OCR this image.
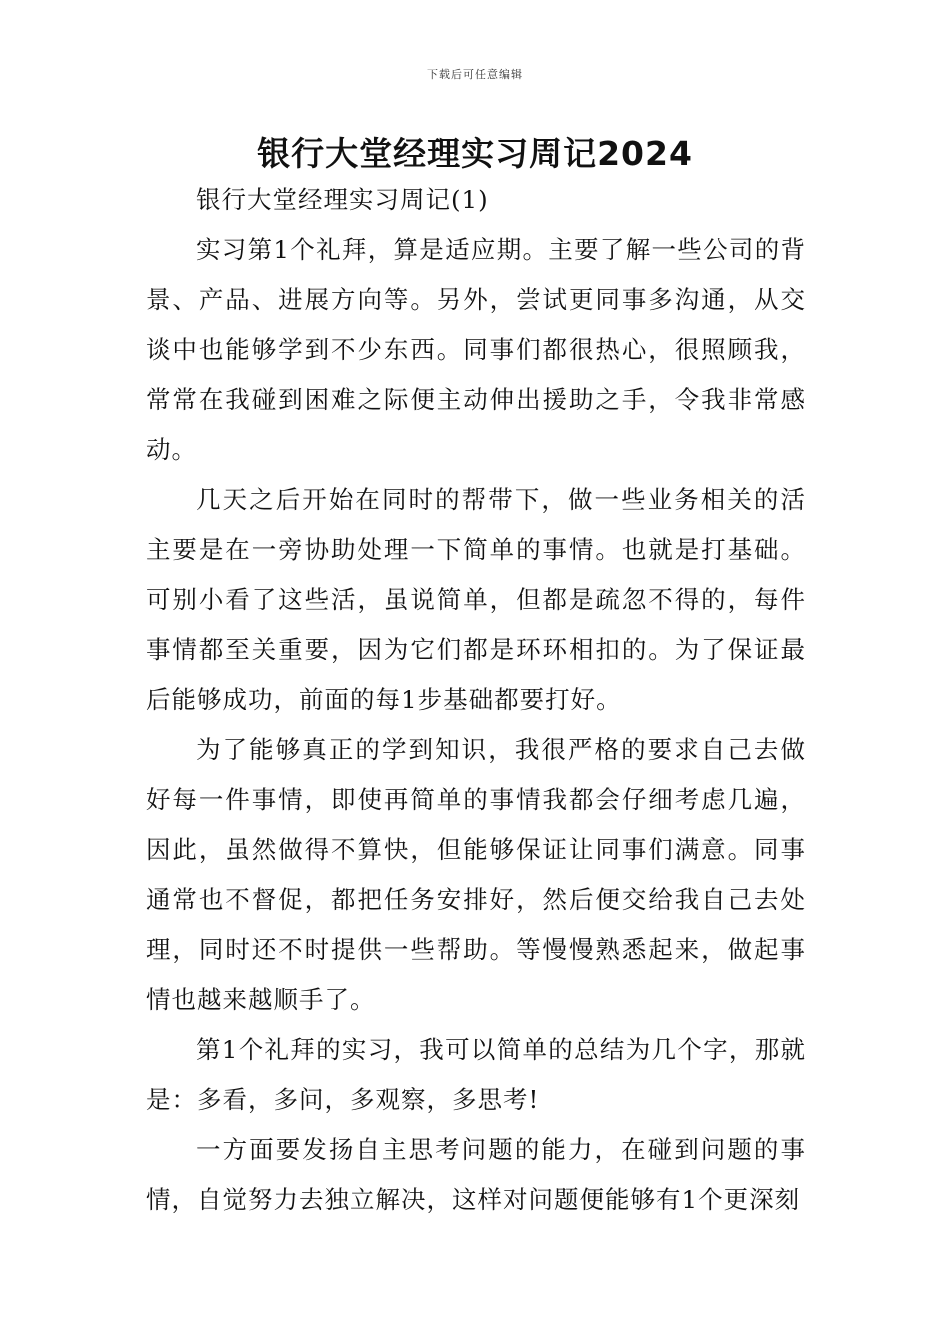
下载后可任意编辑
银行大堂经理实习周记2024

银行大堂经理实习周记(1)

实习第1个礼拜，算是适应期。主要了解一些公司的背景、产品、进展方向等。另外，尝试更同事多沟通，从交谈中也能够学到不少东西。同事们都很热心，很照顾我，常常在我碰到困难之际便主动伸出援助之手，令我非常感动。

几天之后开始在同时的帮带下，做一些业务相关的活主要是在一旁协助处理一下简单的事情。也就是打基础。可别小看了这些活，虽说简单，但都是疏忽不得的，每件事情都至关重要，因为它们都是环环相扣的。为了保证最后能够成功，前面的每1步基础都要打好。

为了能够真正的学到知识，我很严格的要求自己去做好每一件事情，即使再简单的事情我都会仔细考虑几遍，因此，虽然做得不算快，但能够保证让同事们满意。同事通常也不督促，都把任务安排好，然后便交给我自己去处理，同时还不时提供一些帮助。等慢慢熟悉起来，做起事情也越来越顺手了。

第1个礼拜的实习，我可以简单的总结为几个字，那就是：多看，多问，多观察，多思考!

一方面要发扬自主思考问题的能力，在碰到问题的事情，自觉努力去独立解决，这样对问题便能够有1个更深刻
